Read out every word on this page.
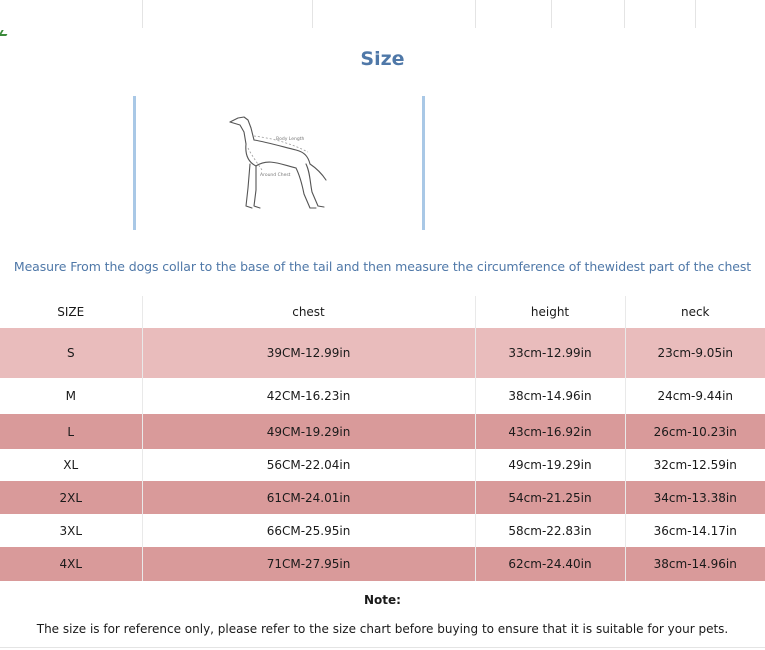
Size
Body Length
Around Chest
Measure From the dogs collar to the base of the tail and then measure the circumference of thewidest part of the chest
SIZE	chest	height	neck
S	39CM-12.99in	33cm-12.99in	23cm-9.05in
M	42CM-16.23in	38cm-14.96in	24cm-9.44in
L	49CM-19.29in	43cm-16.92in	26cm-10.23in
XL	56CM-22.04in	49cm-19.29in	32cm-12.59in
2XL	61CM-24.01in	54cm-21.25in	34cm-13.38in
3XL	66CM-25.95in	58cm-22.83in	36cm-14.17in
4XL	71CM-27.95in	62cm-24.40in	38cm-14.96in
Note:
The size is for reference only, please refer to the size chart before buying to ensure that it is suitable for your pets.
